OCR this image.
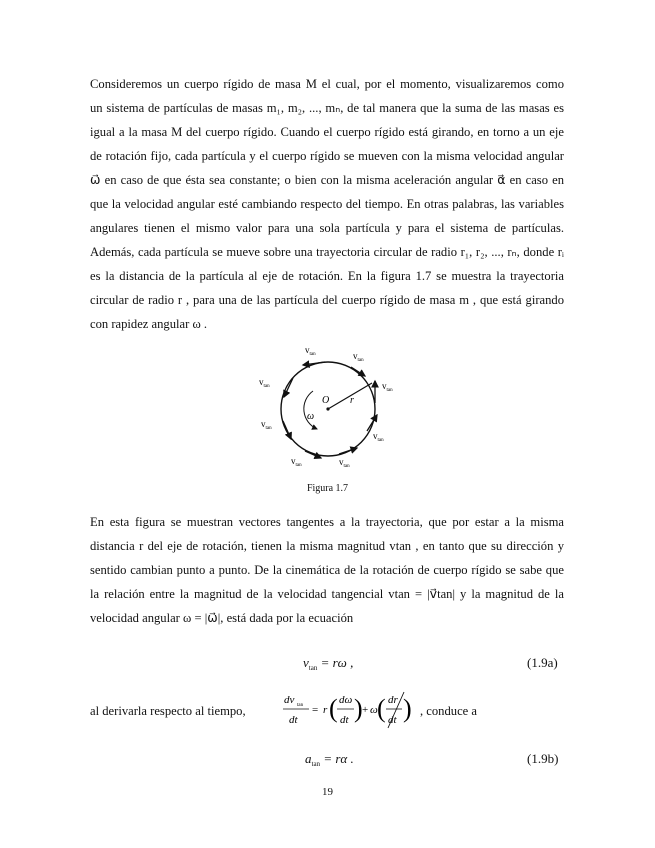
Consideremos un cuerpo rígido de masa M el cual, por el momento, visualizaremos como
un sistema de partículas de masas m₁, m₂, ..., mₙ, de tal manera que la suma de las masas es
igual a la masa M del cuerpo rígido. Cuando el cuerpo rígido está girando, en torno a un eje
de rotación fijo, cada partícula y el cuerpo rígido se mueven con la misma velocidad angular
ω⃗ en caso de que ésta sea constante; o bien con la misma aceleración angular α⃗ en caso en
que la velocidad angular esté cambiando respecto del tiempo. En otras palabras, las variables
angulares tienen el mismo valor para una sola partícula y para el sistema de partículas.
Además, cada partícula se mueve sobre una trayectoria circular de radio r₁, r₂, ..., rₙ, donde rᵢ
es la distancia de la partícula al eje de rotación. En la figura 1.7 se muestra la trayectoria
circular de radio r , para una de las partícula del cuerpo rígido de masa m , que está girando
con rapidez angular ω .
O r
ω
$v_{tan}$	$v_{tan}$
$v_{tan}$
$v_{tan}$
$v_{tan}$
$v_{tan}$
$v_{tan}$
$v_{tan}$
Figura 1.7
En esta figura se muestran vectores tangentes a la trayectoria, que por estar a la misma
distancia r del eje de rotación, tienen la misma magnitud vtan , en tanto que su dirección y
sentido cambian punto a punto. De la cinemática de la rotación de cuerpo rígido se sabe que
la relación entre la magnitud de la velocidad tangencial vtan = |v⃗tan| y la magnitud de la
velocidad angular ω = |ω⃗|, está dada por la ecuación
$v_{tan} = r\omega$ ,	(1.9a)
al derivarla respecto al tiempo,
dv tan
dt
= r ( dω
dt ) + ω ( dr
dt ) , conduce a
$a_{tan} = r\alpha$ .	(1.9b)
19
